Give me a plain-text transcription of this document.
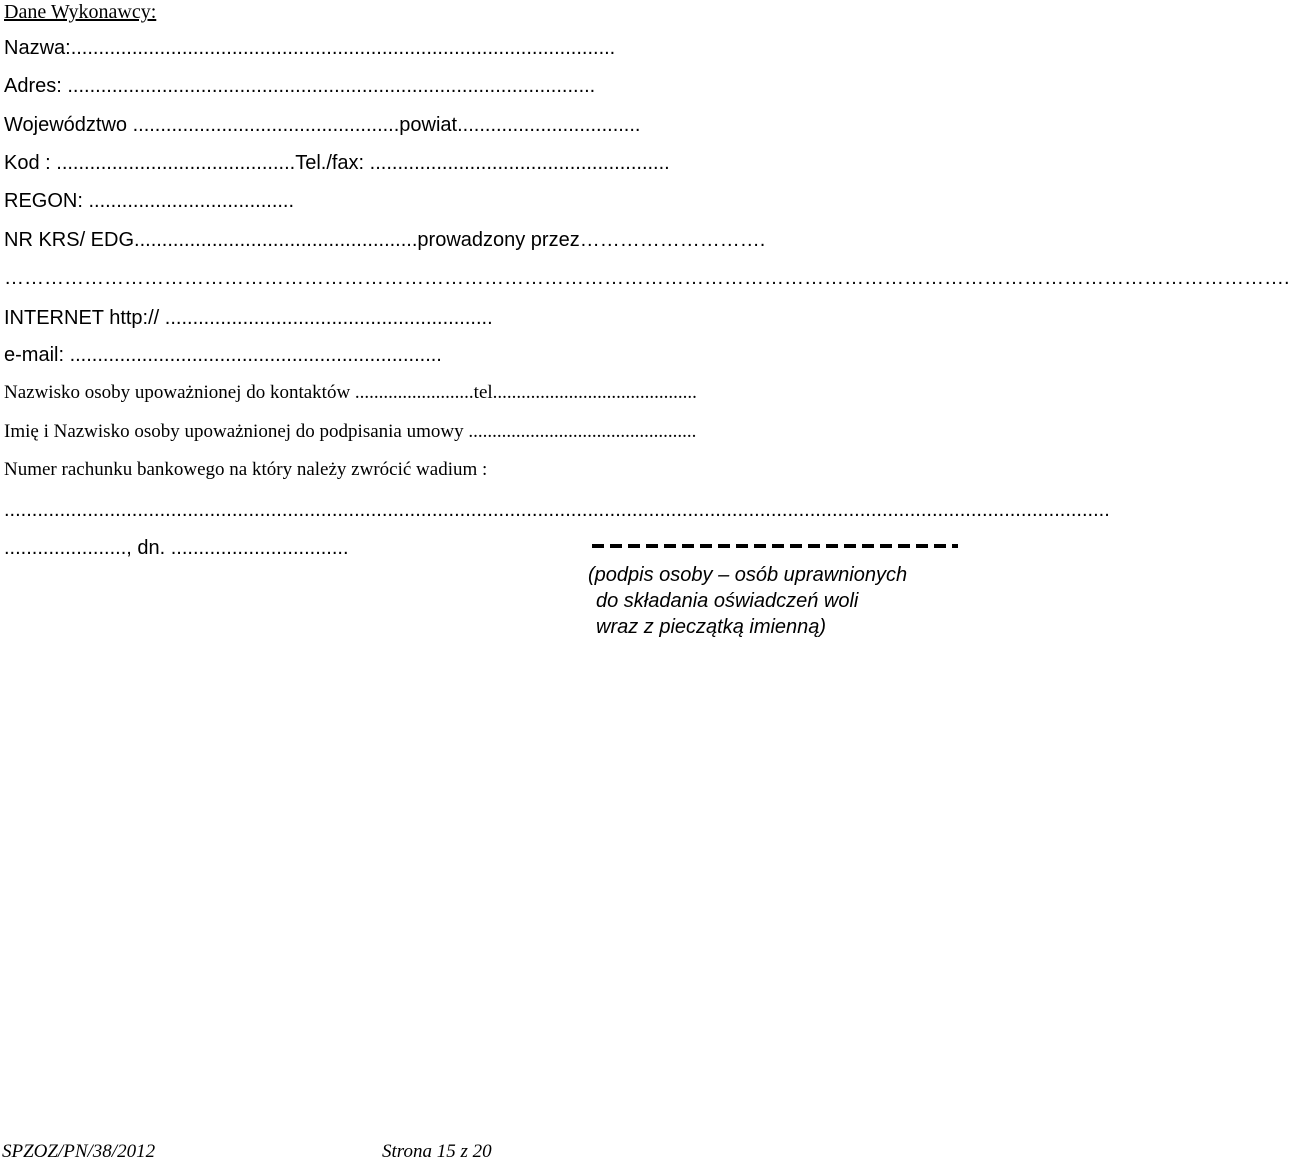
Dane Wykonawcy:
Nazwa:..................................................................................................
Adres: ...............................................................................................
Województwo ................................................powiat.................................
Kod : ...........................................Tel./fax: ......................................................
REGON: .....................................
NR KRS/ EDG...................................................prowadzony przez……………………….
………………………………………………………………………………………………………………………………………………………………………….
INTERNET http:// ...........................................................
e-mail: ...................................................................
Nazwisko osoby upoważnionej do kontaktów .........................tel...........................................
Imię i Nazwisko osoby upoważnionej do podpisania umowy ................................................
Numer rachunku bankowego na który należy zwrócić wadium :
.......................................................................................................................................................................................................
......................, dn. ................................
(podpis osoby – osób uprawnionych
do składania oświadczeń woli
wraz z pieczątką imienną)
SPZOZ/PN/38/2012	Strona 15 z 20
